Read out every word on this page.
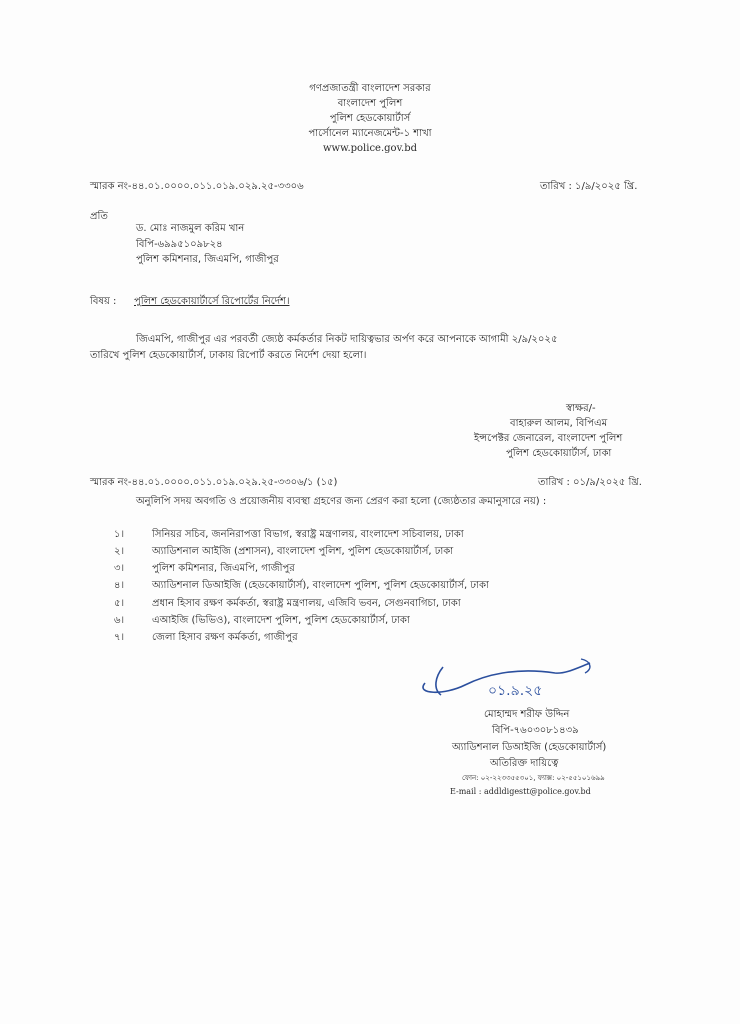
গণপ্রজাতন্ত্রী বাংলাদেশ সরকার
বাংলাদেশ পুলিশ
পুলিশ হেডকোয়ার্টার্স
পার্সোনেল ম্যানেজমেন্ট-১ শাখা
www.police.gov.bd
স্মারক নং-৪৪.০১.০০০০.০১১.০১৯.০২৯.২৫-৩৩০৬	তারিখ : ১/৯/২০২৫ খ্রি.
প্রতি
ড. মোঃ নাজমুল করিম খান
বিপি-৬৯৯৫১০৯৮২৪
পুলিশ কমিশনার, জিএমপি, গাজীপুর
বিষয় : পুলিশ হেডকোয়ার্টার্সে রিপোর্টের নির্দেশ।
জিএমপি, গাজীপুর এর পরবর্তী জ্যেষ্ঠ কর্মকর্তার নিকট দায়িত্বভার অর্পণ করে আপনাকে আগামী ২/৯/২০২৫
তারিখে পুলিশ হেডকোয়ার্টার্স, ঢাকায় রিপোর্ট করতে নির্দেশ দেয়া হলো।
স্বাক্ষর/-
বাহারুল আলম, বিপিএম
ইন্সপেক্টর জেনারেল, বাংলাদেশ পুলিশ
পুলিশ হেডকোয়ার্টার্স, ঢাকা
স্মারক নং-৪৪.০১.০০০০.০১১.০১৯.০২৯.২৫-৩৩০৬/১ (১৫)	তারিখ : ০১/৯/২০২৫ খ্রি.
অনুলিপি সদয় অবগতি ও প্রয়োজনীয় ব্যবস্থা গ্রহণের জন্য প্রেরণ করা হলো (জ্যেষ্ঠতার ক্রমানুসারে নয়) :
১।	সিনিয়র সচিব, জননিরাপত্তা বিভাগ, স্বরাষ্ট্র মন্ত্রণালয়, বাংলাদেশ সচিবালয়, ঢাকা
২।	অ্যাডিশনাল আইজি (প্রশাসন), বাংলাদেশ পুলিশ, পুলিশ হেডকোয়ার্টার্স, ঢাকা
৩।	পুলিশ কমিশনার, জিএমপি, গাজীপুর
৪।	অ্যাডিশনাল ডিআইজি (হেডকোয়ার্টার্স), বাংলাদেশ পুলিশ, পুলিশ হেডকোয়ার্টার্স, ঢাকা
৫।	প্রধান হিসাব রক্ষণ কর্মকর্তা, স্বরাষ্ট্র মন্ত্রণালয়, এজিবি ভবন, সেগুনবাগিচা, ঢাকা
৬।	এআইজি (ভিভিও), বাংলাদেশ পুলিশ, পুলিশ হেডকোয়ার্টার্স, ঢাকা
৭।	জেলা হিসাব রক্ষণ কর্মকর্তা, গাজীপুর
০১.৯.২৫
মোহাম্মদ শরীফ উদ্দিন
বিপি-৭৬০৩০৮১৪৩৯
অ্যাডিশনাল ডিআইজি (হেডকোয়ার্টার্স)
অতিরিক্ত দায়িত্বে
ফোন: ০২-২২৩৩৫৫৩০১, ফ্যাক্স: ০২-৫৫১০১৬৯৯
E-mail : addldigestt@police.gov.bd
